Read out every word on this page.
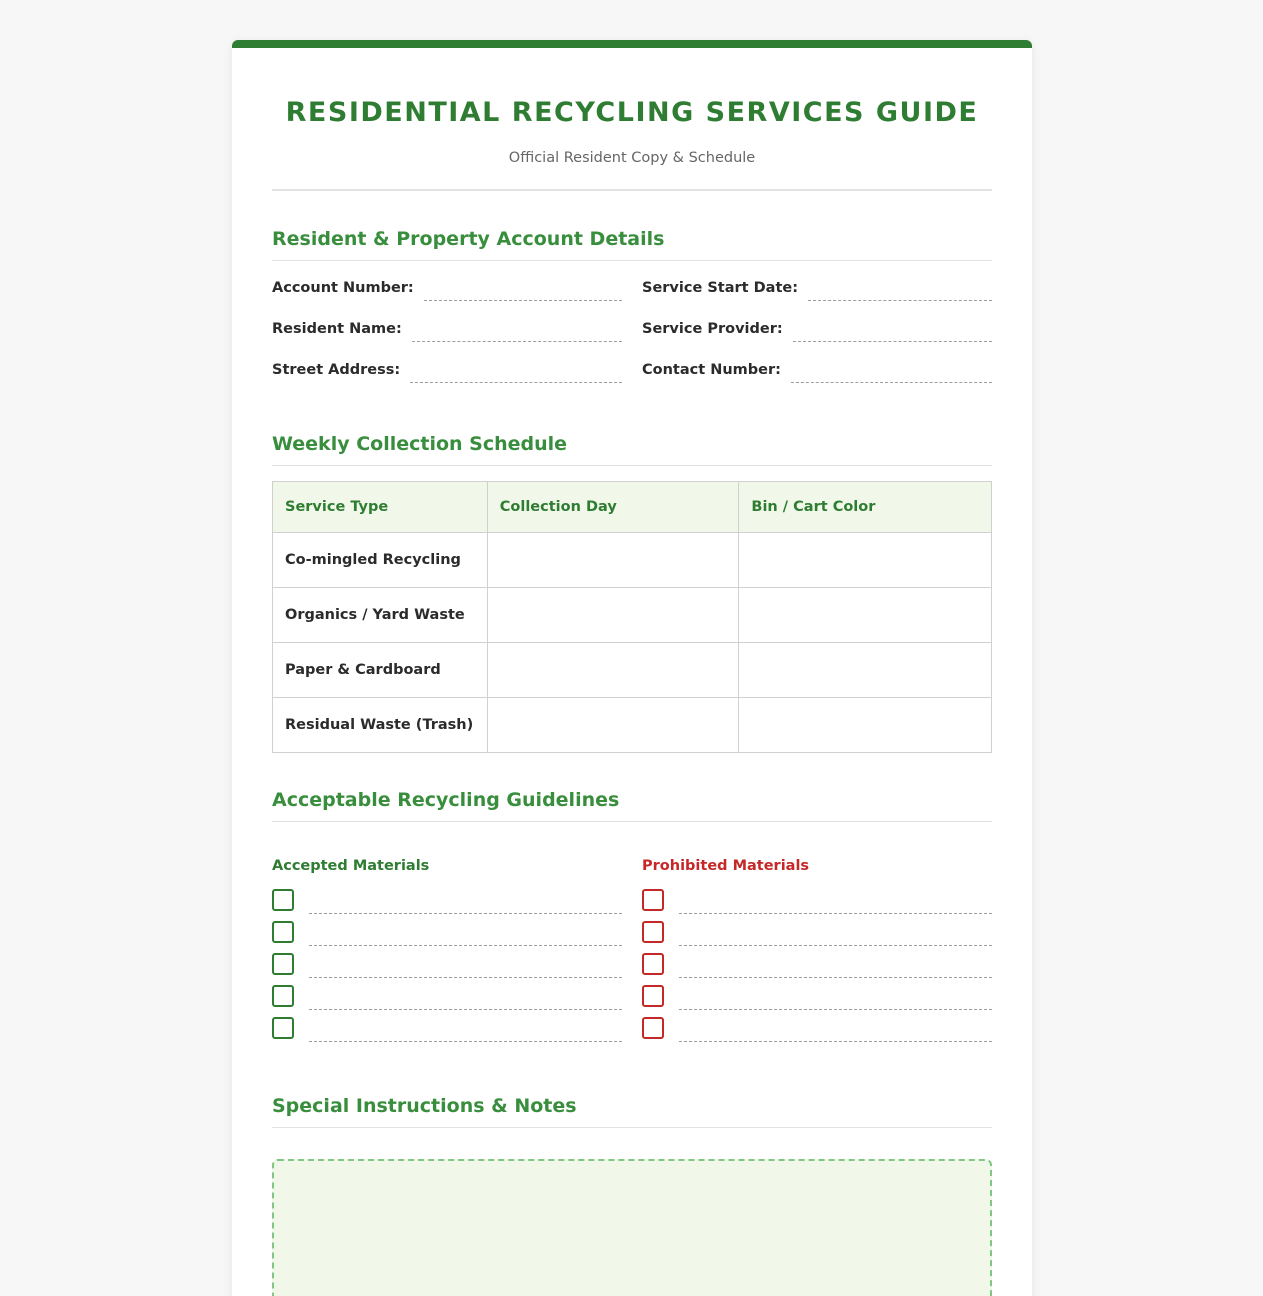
RESIDENTIAL RECYCLING SERVICES GUIDE
Official Resident Copy & Schedule
Resident & Property Account Details
Account Number:	Service Start Date:
Resident Name:	Service Provider:
Street Address:	Contact Number:
Weekly Collection Schedule
Service Type	Collection Day	Bin / Cart Color
Co-mingled Recycling		
Organics / Yard Waste		
Paper & Cardboard		
Residual Waste (Trash)		
Acceptable Recycling Guidelines
Accepted Materials	Prohibited Materials
Special Instructions & Notes
